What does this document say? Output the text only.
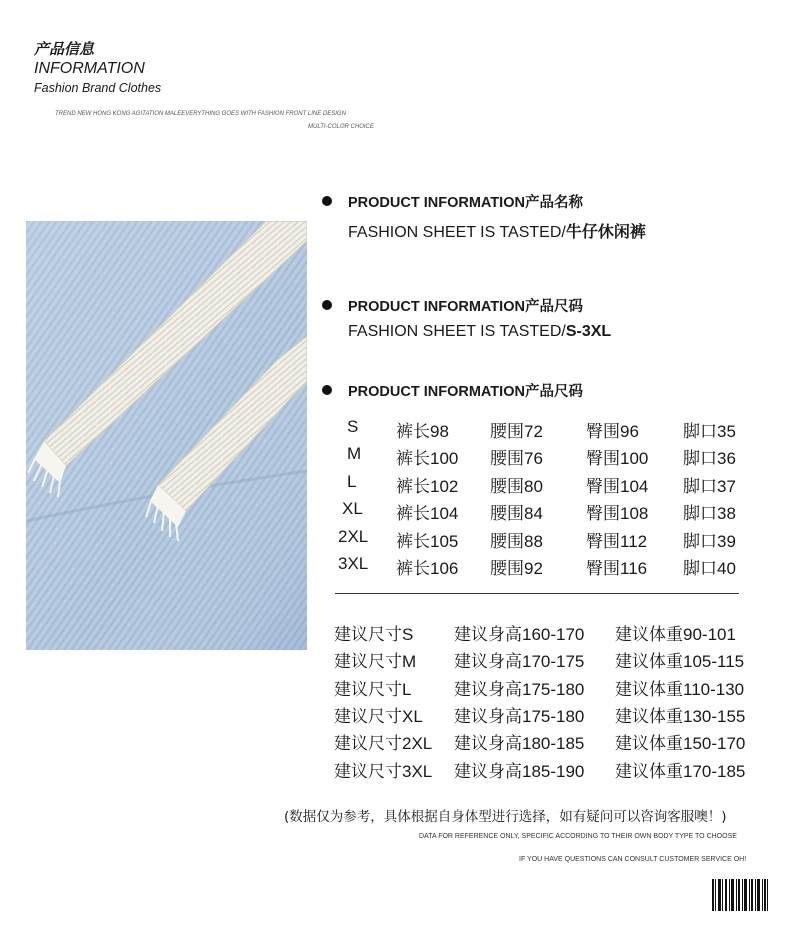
产品信息
INFORMATION
Fashion Brand Clothes
TREND NEW HONG KONG AGITATION MALEEVERYTHING GOES WITH FASHION FRONT LINE DESIGN
MULTI-COLOR CHOICE
PRODUCT INFORMATION产品名称
FASHION SHEET IS TASTED/牛仔休闲裤
PRODUCT INFORMATION产品尺码
FASHION SHEET IS TASTED/S-3XL
PRODUCT INFORMATION产品尺码
S 裤长98 腰围72	臀围96	脚口35
M 裤长100 腰围76	臀围100 脚口36
L 裤长102 腰围80	臀围104 脚口37
XL 裤长104 腰围84	臀围108 脚口38
2XL 裤长105 腰围88	臀围112 脚口39
3XL 裤长106 腰围92	臀围116 脚口40
建议尺寸S 建议身高160-170 建议体重90-101
建议尺寸M 建议身高170-175 建议体重105-115
建议尺寸L	建议身高175-180 建议体重110-130
建议尺寸XL 建议身高175-180 建议体重130-155
建议尺寸2XL 建议身高180-185 建议体重150-170
建议尺寸3XL 建议身高185-190 建议体重170-185
(数据仅为参考，具体根据自身体型进行选择，如有疑问可以咨询客服噢！)
DATA FOR REFERENCE ONLY, SPECIFIC ACCORDING TO THEIR OWN BODY TYPE TO CHOOSE
IF YOU HAVE QUESTIONS CAN CONSULT CUSTOMER SERVICE OH!
